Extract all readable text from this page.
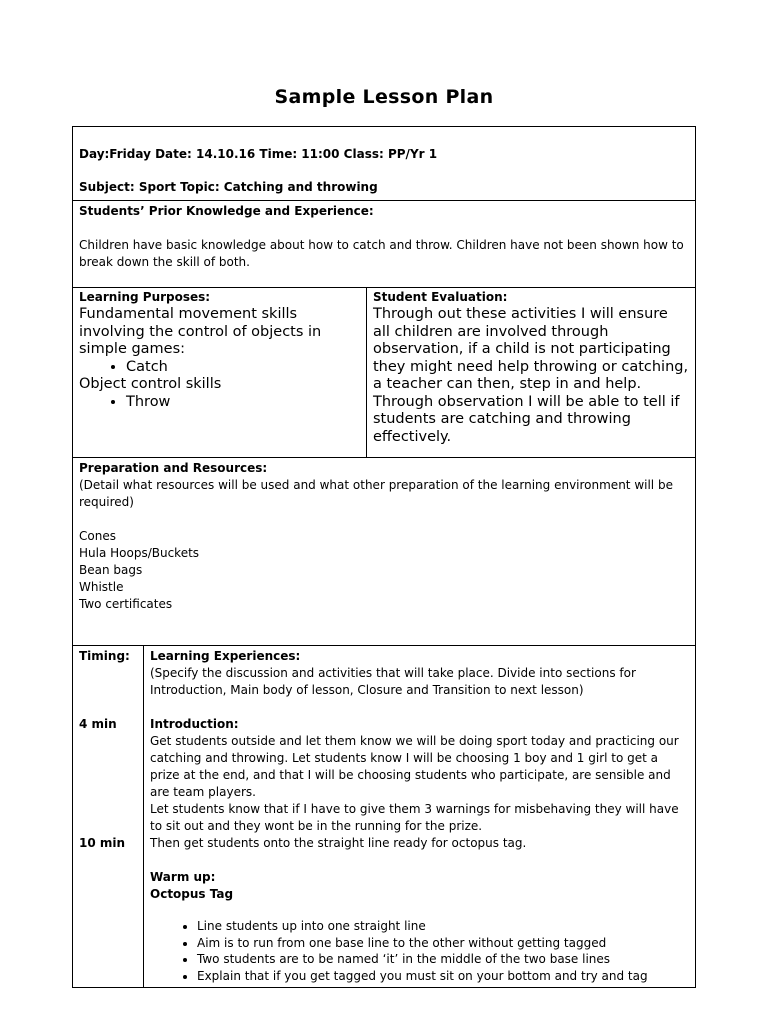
Sample Lesson Plan
Day:Friday Date: 14.10.16 Time: 11:00 Class: PP/Yr 1
Subject: Sport Topic: Catching and throwing
Students’ Prior Knowledge and Experience:
Children have basic knowledge about how to catch and throw. Children have not been shown how to break down the skill of both.
Learning Purposes:
Fundamental movement skills involving the control of objects in simple games:
• Catch
Object control skills
• Throw
Student Evaluation:
Through out these activities I will ensure all children are involved through observation, if a child is not participating they might need help throwing or catching, a teacher can then, step in and help. Through observation I will be able to tell if students are catching and throwing effectively.
Preparation and Resources:
(Detail what resources will be used and what other preparation of the learning environment will be required)
Cones
Hula Hoops/Buckets
Bean bags
Whistle
Two certificates
Timing:
4 min
10 min
Learning Experiences:
(Specify the discussion and activities that will take place. Divide into sections for Introduction, Main body of lesson, Closure and Transition to next lesson)
Introduction:
Get students outside and let them know we will be doing sport today and practicing our catching and throwing. Let students know I will be choosing 1 boy and 1 girl to get a prize at the end, and that I will be choosing students who participate, are sensible and are team players.
Let students know that if I have to give them 3 warnings for misbehaving they will have to sit out and they wont be in the running for the prize.
Then get students onto the straight line ready for octopus tag.
Warm up:
Octopus Tag
• Line students up into one straight line
• Aim is to run from one base line to the other without getting tagged
• Two students are to be named ‘it’ in the middle of the two base lines
• Explain that if you get tagged you must sit on your bottom and try and tag
